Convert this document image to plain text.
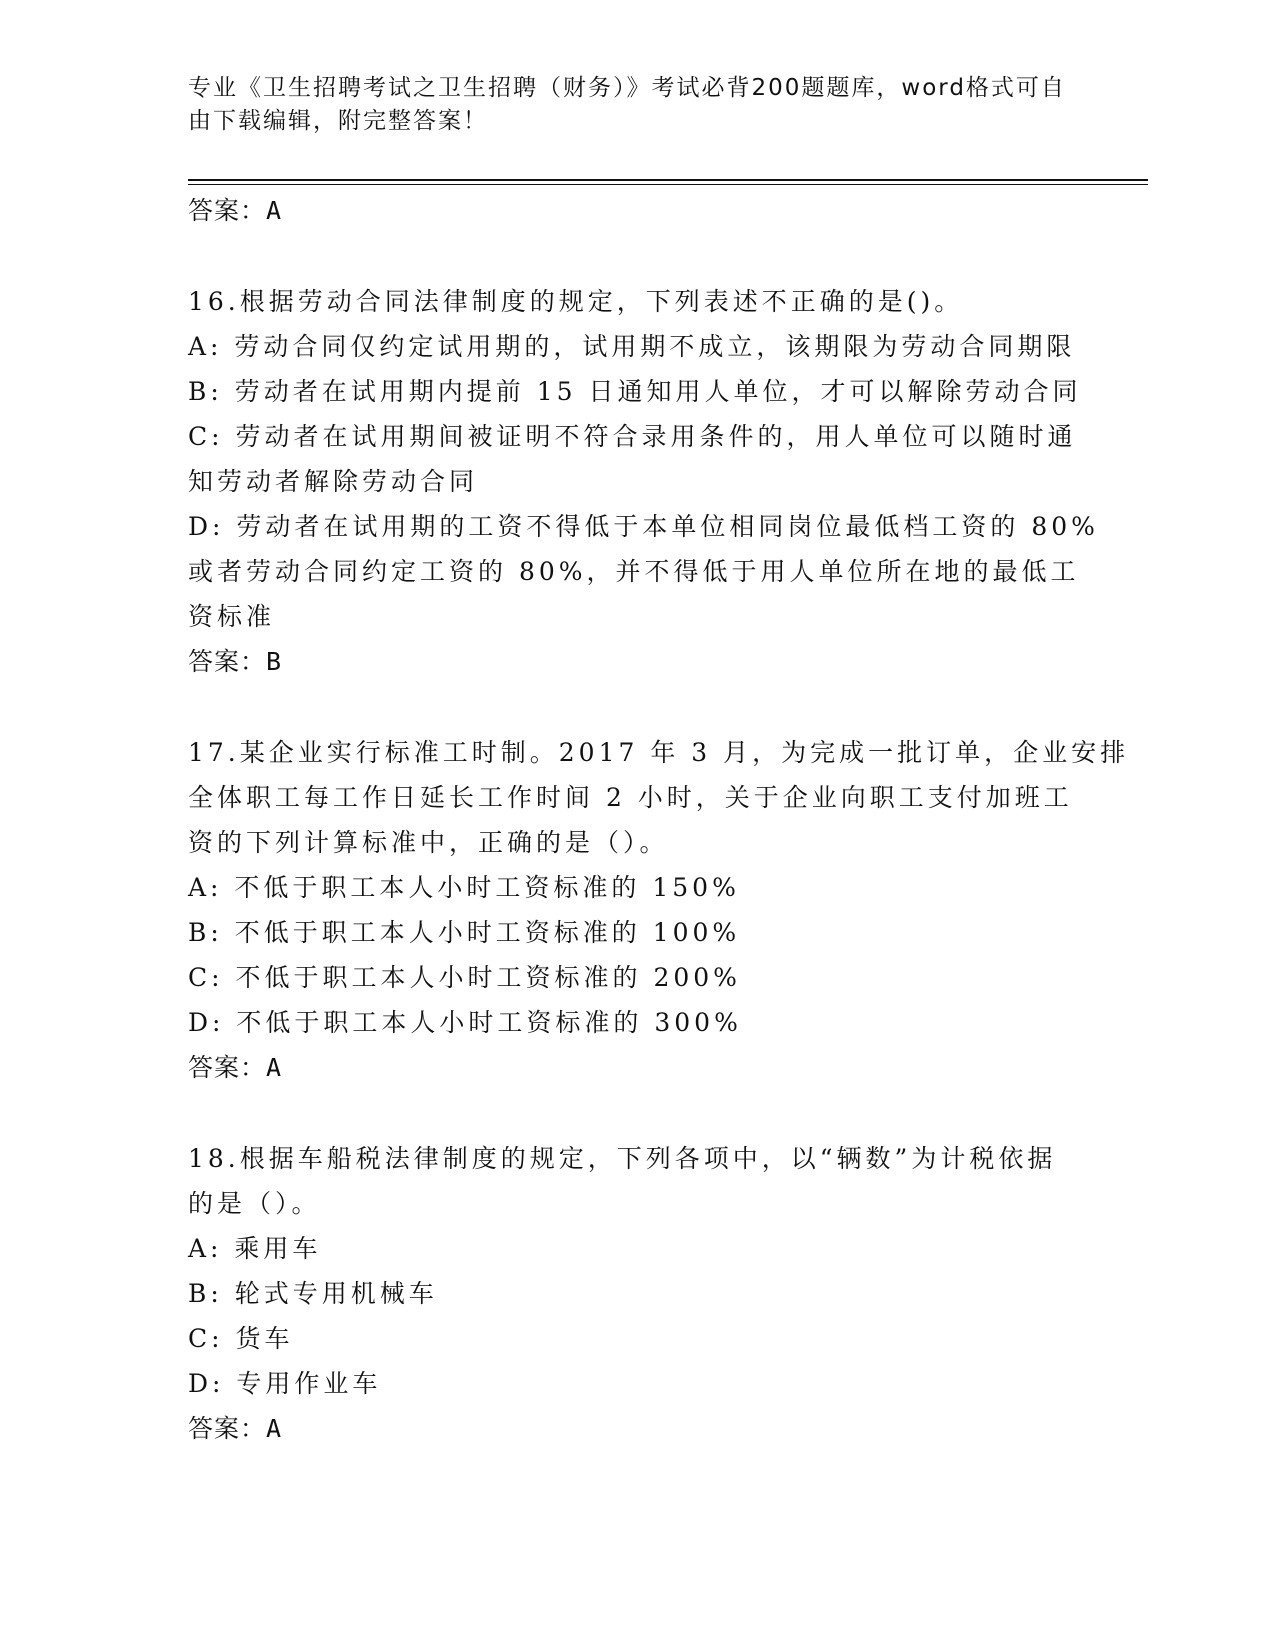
专业《卫生招聘考试之卫生招聘（财务）》考试必背200题题库，word格式可自
由下载编辑，附完整答案！
答案：A
16.根据劳动合同法律制度的规定，下列表述不正确的是()。
A: 劳动合同仅约定试用期的，试用期不成立，该期限为劳动合同期限
B: 劳动者在试用期内提前 15 日通知用人单位，才可以解除劳动合同
C: 劳动者在试用期间被证明不符合录用条件的，用人单位可以随时通
知劳动者解除劳动合同
D: 劳动者在试用期的工资不得低于本单位相同岗位最低档工资的 80%
或者劳动合同约定工资的 80%，并不得低于用人单位所在地的最低工
资标准
答案：B
17.某企业实行标准工时制。2017 年 3 月，为完成一批订单，企业安排
全体职工每工作日延长工作时间 2 小时，关于企业向职工支付加班工
资的下列计算标准中，正确的是（）。
A: 不低于职工本人小时工资标准的 150%
B: 不低于职工本人小时工资标准的 100%
C: 不低于职工本人小时工资标准的 200%
D: 不低于职工本人小时工资标准的 300%
答案：A
18.根据车船税法律制度的规定，下列各项中，以“辆数”为计税依据
的是（）。
A: 乘用车
B: 轮式专用机械车
C: 货车
D: 专用作业车
答案：A
